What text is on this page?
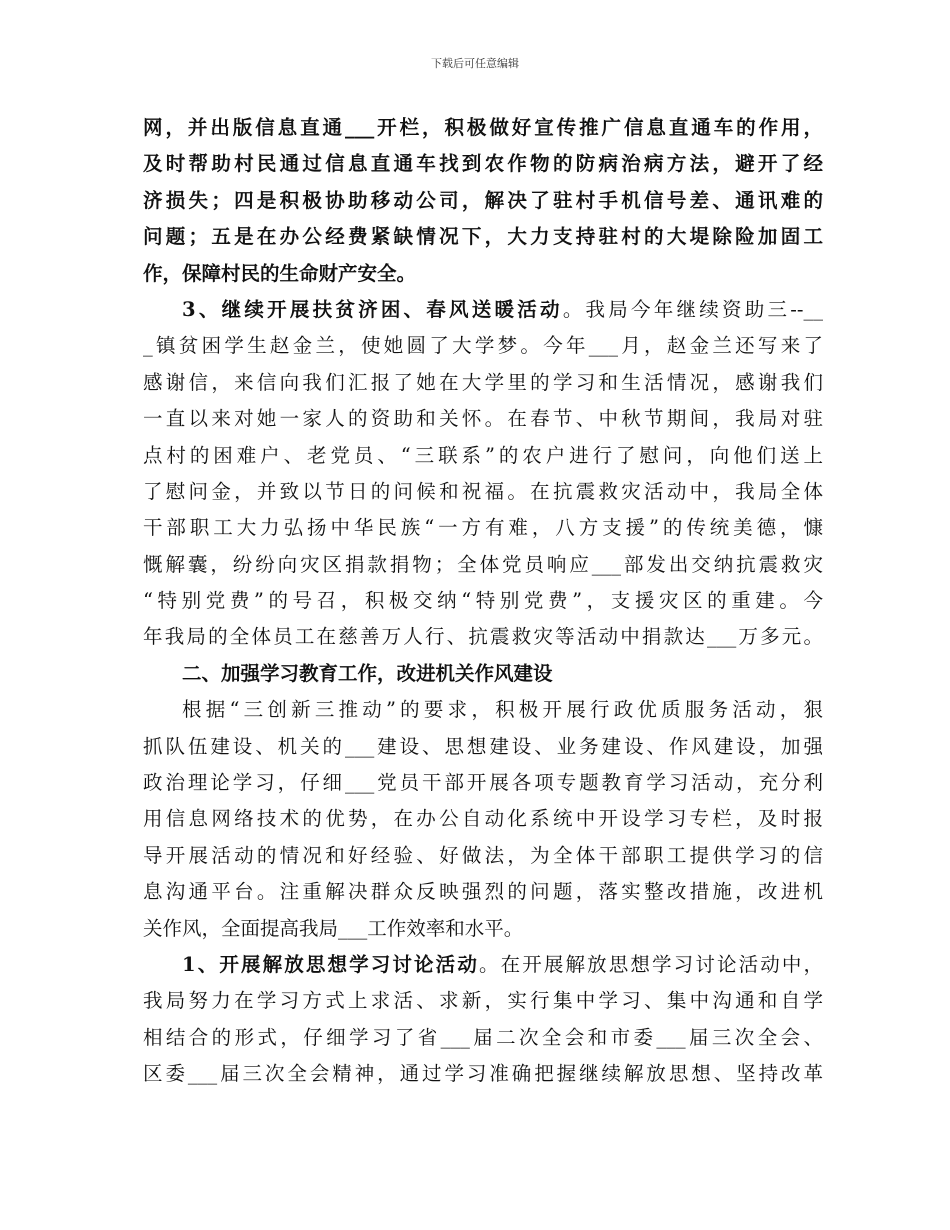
下载后可任意编辑
网，并出版信息直通___开栏，积极做好宣传推广信息直通车的作用，
及时帮助村民通过信息直通车找到农作物的防病治病方法，避开了经
济损失；四是积极协助移动公司，解决了驻村手机信号差、通讯难的
问题；五是在办公经费紧缺情况下，大力支持驻村的大堤除险加固工
作，保障村民的生命财产安全。
3、继续开展扶贫济困、春风送暖活动。我局今年继续资助三--__
_镇贫困学生赵金兰，使她圆了大学梦。今年___月，赵金兰还写来了
感谢信，来信向我们汇报了她在大学里的学习和生活情况，感谢我们
一直以来对她一家人的资助和关怀。在春节、中秋节期间，我局对驻
点村的困难户、老党员、“三联系”的农户进行了慰问，向他们送上
了慰问金，并致以节日的问候和祝福。在抗震救灾活动中，我局全体
干部职工大力弘扬中华民族“一方有难，八方支援”的传统美德，慷
慨解囊，纷纷向灾区捐款捐物；全体党员响应___部发出交纳抗震救灾
“特别党费”的号召，积极交纳“特别党费”，支援灾区的重建。今
年我局的全体员工在慈善万人行、抗震救灾等活动中捐款达___万多元。
二、加强学习教育工作，改进机关作风建设
根据“三创新三推动”的要求，积极开展行政优质服务活动，狠
抓队伍建设、机关的___建设、思想建设、业务建设、作风建设，加强
政治理论学习，仔细___党员干部开展各项专题教育学习活动，充分利
用信息网络技术的优势，在办公自动化系统中开设学习专栏，及时报
导开展活动的情况和好经验、好做法，为全体干部职工提供学习的信
息沟通平台。注重解决群众反映强烈的问题，落实整改措施，改进机
关作风，全面提高我局___工作效率和水平。
1、开展解放思想学习讨论活动。在开展解放思想学习讨论活动中，
我局努力在学习方式上求活、求新，实行集中学习、集中沟通和自学
相结合的形式，仔细学习了省___届二次全会和市委___届三次全会、
区委___届三次全会精神，通过学习准确把握继续解放思想、坚持改革
